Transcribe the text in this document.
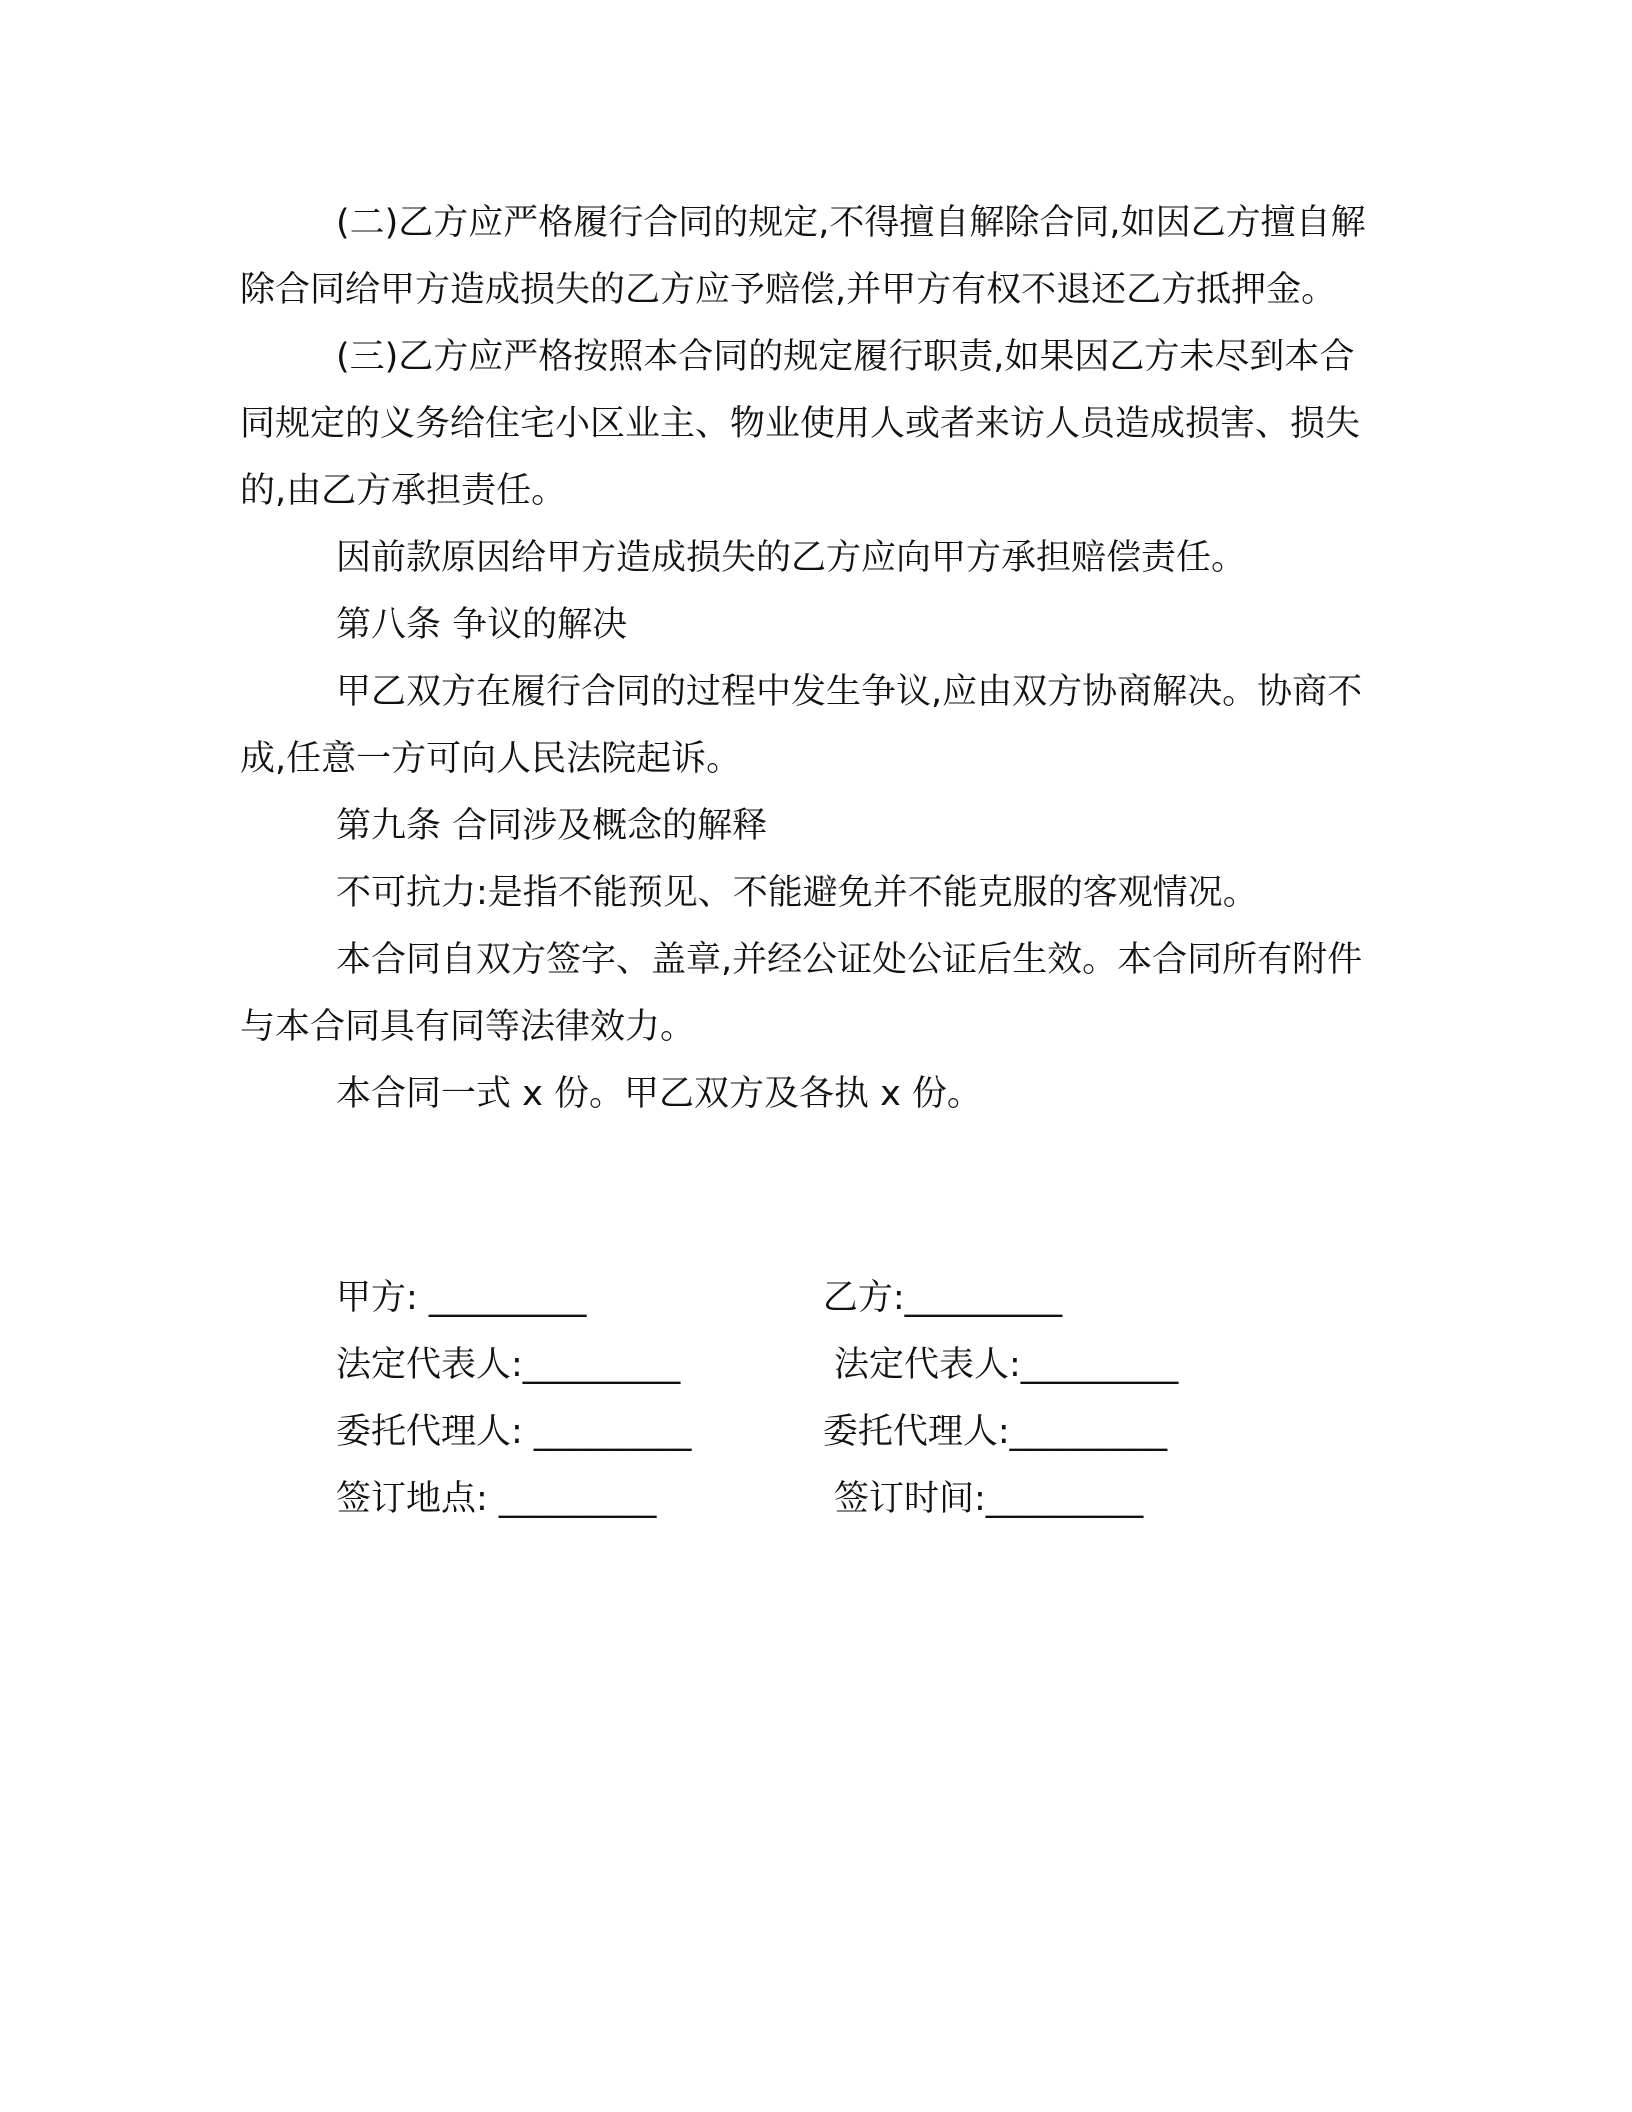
(二)乙方应严格履行合同的规定,不得擅自解除合同,如因乙方擅自解除合同给甲方造成损失的乙方应予赔偿,并甲方有权不退还乙方抵押金。

(三)乙方应严格按照本合同的规定履行职责,如果因乙方未尽到本合同规定的义务给住宅小区业主、物业使用人或者来访人员造成损害、损失的,由乙方承担责任。

因前款原因给甲方造成损失的乙方应向甲方承担赔偿责任。

第八条 争议的解决

甲乙双方在履行合同的过程中发生争议,应由双方协商解决。协商不成,任意一方可向人民法院起诉。

第九条 合同涉及概念的解释

不可抗力:是指不能预见、不能避免并不能克服的客观情况。

本合同自双方签字、盖章,并经公证处公证后生效。本合同所有附件与本合同具有同等法律效力。

本合同一式 x 份。甲乙双方及各执 x 份。

甲方: _________	乙方:_________
法定代表人:_________	法定代表人:_________
委托代理人: _________	委托代理人:_________
签订地点: _________	签订时间:_________
